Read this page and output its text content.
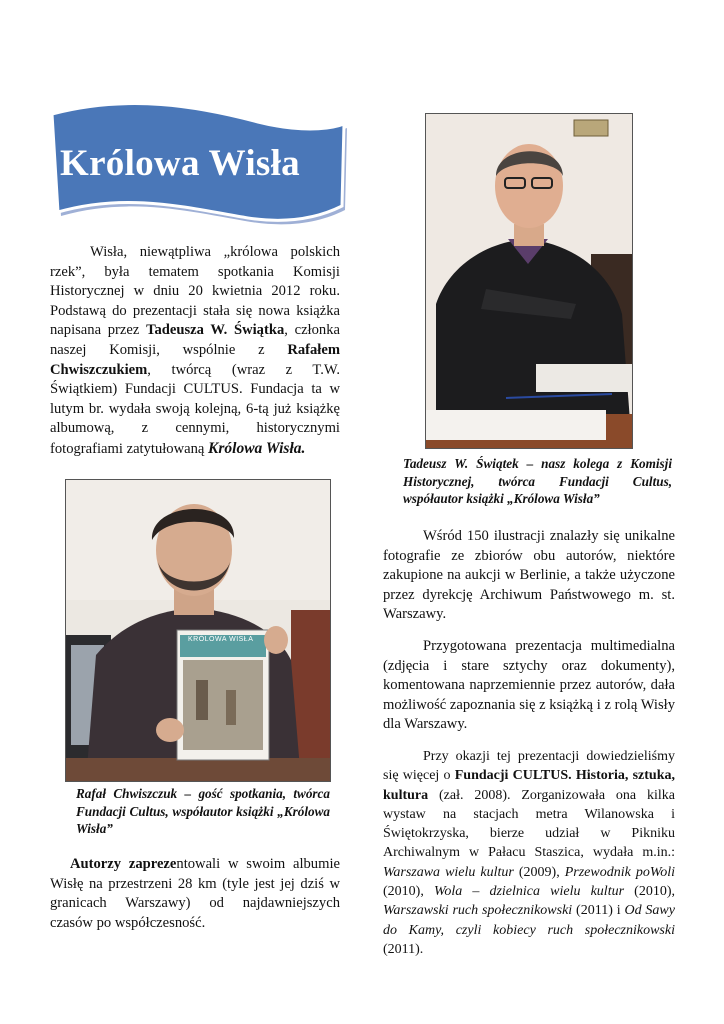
Królowa Wisła

Wisła, niewątpliwa „królowa polskich rzek”, była tematem spotkania Komisji Historycznej w dniu 20 kwietnia 2012 roku. Podstawą do prezentacji stała się nowa książka napisana przez Tadeusza W. Świątka, członka naszej Komisji, wspólnie z Rafałem Chwiszczukiem, twórcą (wraz z T.W. Świątkiem) Fundacji CULTUS. Fundacja ta w lutym br. wydała swoją kolejną, 6-tą już książkę albumową, z cennymi, historycznymi fotografiami zatytułowaną Królowa Wisła.

Tadeusz W. Świątek – nasz kolega z Komisji Historycznej, twórca Fundacji Cultus, współautor książki „Królowa Wisła”
KRÓLOWA WISŁA
Rafał Chwiszczuk – gość spotkania, twórca Fundacji Cultus, współautor książki „Królowa Wisła”

Autorzy zaprezentowali w swoim albumie Wisłę na przestrzeni 28 km (tyle jest jej dziś w granicach Warszawy) od najdawniejszych czasów po współczesność.

Wśród 150 ilustracji znalazły się unikalne fotografie ze zbiorów obu autorów, niektóre zakupione na aukcji w Berlinie, a także użyczone przez dyrekcję Archiwum Państwowego m. st. Warszawy.

Przygotowana prezentacja multimedialna (zdjęcia i stare sztychy oraz dokumenty), komentowana naprzemiennie przez autorów, dała możliwość zapoznania się z książką i z rolą Wisły dla Warszawy.

Przy okazji tej prezentacji dowiedzieliśmy się więcej o Fundacji CULTUS. Historia, sztuka, kultura (zał. 2008). Zorganizowała ona kilka wystaw na stacjach metra Wilanowska i Świętokrzyska, bierze udział w Pikniku Archiwalnym w Pałacu Staszica, wydała m.in.: Warszawa wielu kultur (2009), Przewodnik poWoli (2010), Wola – dzielnica wielu kultur (2010), Warszawski ruch społecznikowski (2011) i Od Sawy do Kamy, czyli kobiecy ruch społecznikowski (2011).
